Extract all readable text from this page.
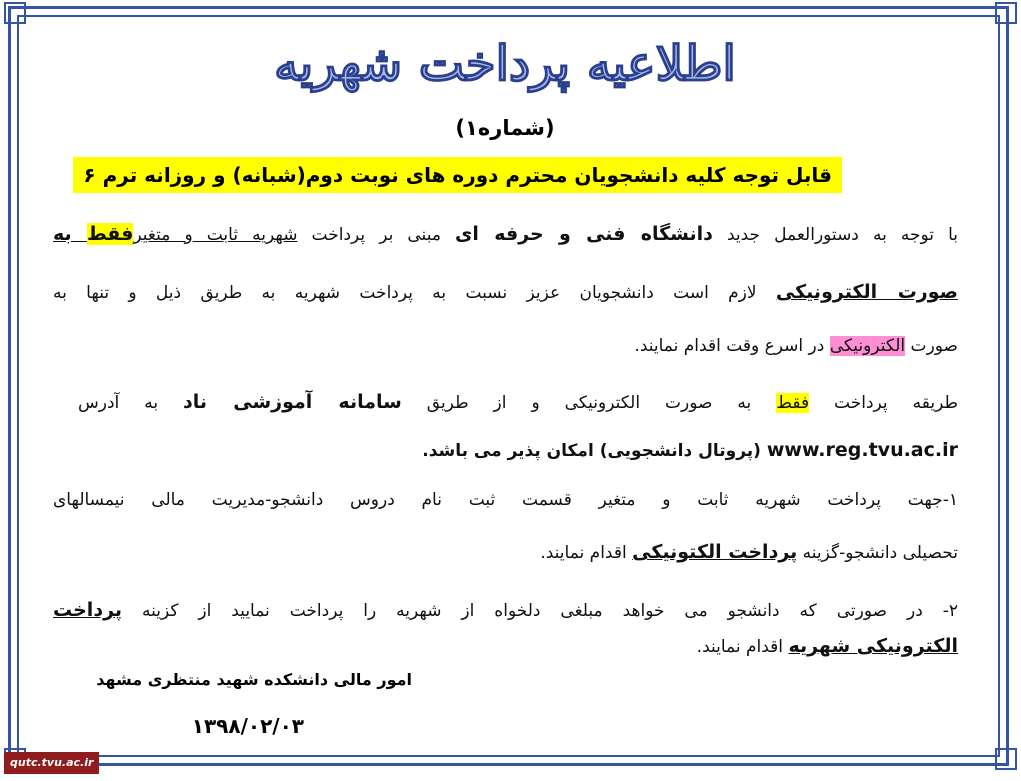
اطلاعیه پرداخت شهریه
(شماره۱)
قابل توجه کلیه دانشجویان محترم دوره های نوبت دوم(شبانه) و روزانه ترم ۶
با توجه به دستورالعمل جدید دانشگاه فنی و حرفه ای مبنی بر پرداخت شهریه ثابت و متغیرفقط به
صورت الکترونیکی لازم است دانشجویان عزیز نسبت به پرداخت شهریه به طریق ذیل و تنها به
صورت الکترونیکی در اسرع وقت اقدام نمایند.
طریقه پرداخت فقط به صورت الکترونیکی و از طریق سامانه آموزشی ناد به آدرس
www.reg.tvu.ac.ir (پروتال دانشجویی) امکان پذیر می باشد.
۱-جهت پرداخت شهریه ثابت و متغیر قسمت ثبت نام دروس دانشجو-مدیریت مالی نیمسالهای
تحصیلی دانشجو-گزینه پرداخت الکتونیکی اقدام نمایند.
۲- در صورتی که دانشجو می خواهد مبلغی دلخواه از شهریه را پرداخت نمایید از کزینه پرداخت
الکترونیکی شهریه اقدام نمایند.
امور مالی دانشکده شهید منتظری مشهد
۱۳۹۸/۰۲/۰۳
qutc.tvu.ac.ir
